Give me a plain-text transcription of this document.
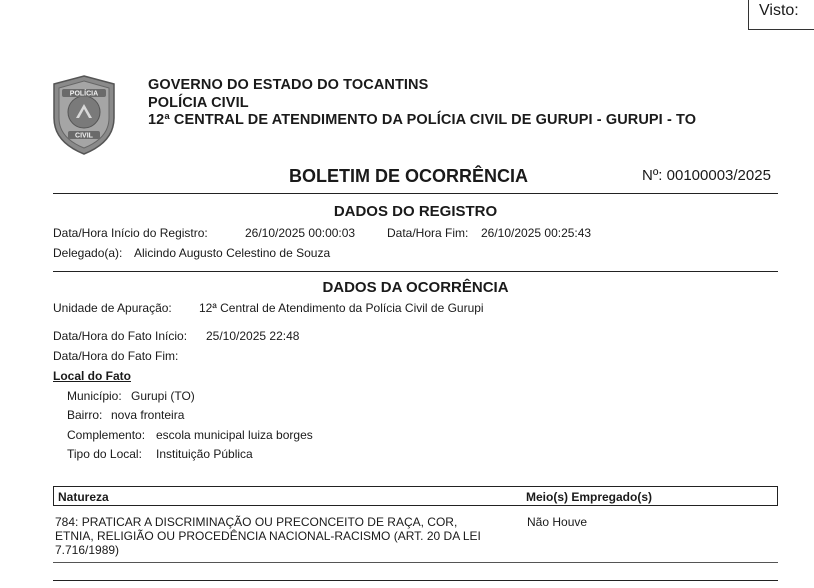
Visto:
POLÍCIA
CIVIL
GOVERNO DO ESTADO DO TOCANTINS
POLÍCIA CIVIL
12ª CENTRAL DE ATENDIMENTO DA POLÍCIA CIVIL DE GURUPI - GURUPI - TO
BOLETIM DE OCORRÊNCIA	Nº: 00100003/2025
DADOS DO REGISTRO
Data/Hora Início do Registro:	26/10/2025 00:00:03	Data/Hora Fim: 26/10/2025 00:25:43
Delegado(a): Alicindo Augusto Celestino de Souza
DADOS DA OCORRÊNCIA
Unidade de Apuração: 12ª Central de Atendimento da Polícia Civil de Gurupi
Data/Hora do Fato Início: 25/10/2025 22:48
Data/Hora do Fato Fim:
Local do Fato
Município: Gurupi (TO)
Bairro: nova fronteira
Complemento: escola municipal luiza borges
Tipo do Local: Instituição Pública
Natureza	Meio(s) Empregado(s)
784: PRATICAR A DISCRIMINAÇÃO OU PRECONCEITO DE RAÇA, COR,
ETNIA, RELIGIÃO OU PROCEDÊNCIA NACIONAL-RACISMO (ART. 20 DA LEI
7.716/1989)
Não Houve
